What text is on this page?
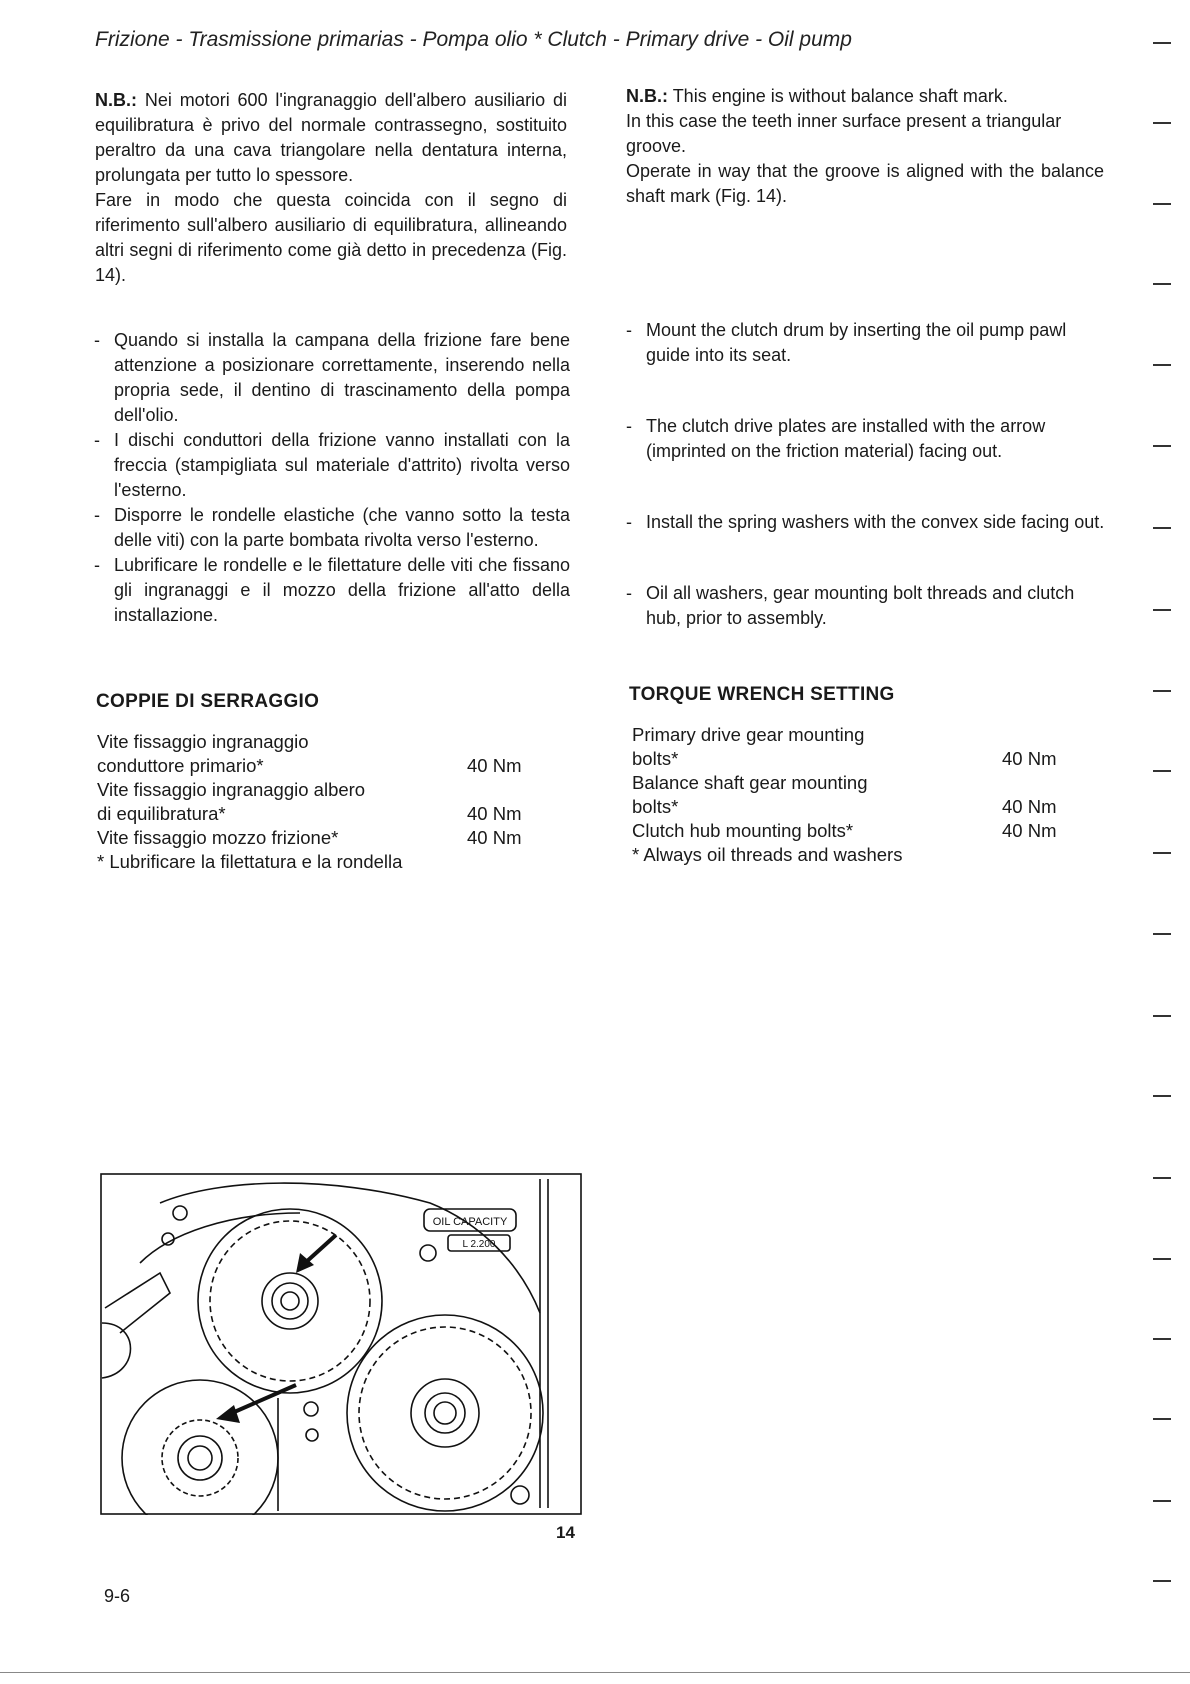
Frizione - Trasmissione primarias - Pompa olio * Clutch - Primary drive - Oil pump

N.B.: Nei motori 600 l'ingranaggio dell'albero ausiliario di equilibratura è privo del normale contrassegno, sostituito peraltro da una cava triangolare nella dentatura interna, prolungata per tutto lo spessore.

Fare in modo che questa coincida con il segno di riferimento sull'albero ausiliario di equilibratura, allineando altri segni di riferimento come già detto in precedenza (Fig. 14).

N.B.: This engine is without balance shaft mark.

In this case the teeth inner surface present a triangular groove.

Operate in way that the groove is aligned with the balance shaft mark (Fig. 14).

- Quando si installa la campana della frizione fare bene attenzione a posizionare correttamente, inserendo nella propria sede, il dentino di trascinamento della pompa dell'olio.
- I dischi conduttori della frizione vanno installati con la freccia (stampigliata sul materiale d'attrito) rivolta verso l'esterno.
- Disporre le rondelle elastiche (che vanno sotto la testa delle viti) con la parte bombata rivolta verso l'esterno.
- Lubrificare le rondelle e le filettature delle viti che fissano gli ingranaggi e il mozzo della frizione all'atto della installazione.
- Mount the clutch drum by inserting the oil pump pawl guide into its seat.
- The clutch drive plates are installed with the arrow (imprinted on the friction material) facing out.
- Install the spring washers with the convex side facing out.
- Oil all washers, gear mounting bolt threads and clutch hub, prior to assembly.
COPPIE DI SERRAGGIO	TORQUE WRENCH SETTING
Vite fissaggio ingranaggio
conduttore primario*	40 Nm
Vite fissaggio ingranaggio albero
di equilibratura*	40 Nm
Vite fissaggio mozzo frizione*	40 Nm
* Lubrificare la filettatura e la rondella
Primary drive gear mounting
bolts*	40 Nm
Balance shaft gear mounting
bolts*	40 Nm
Clutch hub mounting bolts*	40 Nm
* Always oil threads and washers
OIL CAPACITY
L 2.200
14
9-6
